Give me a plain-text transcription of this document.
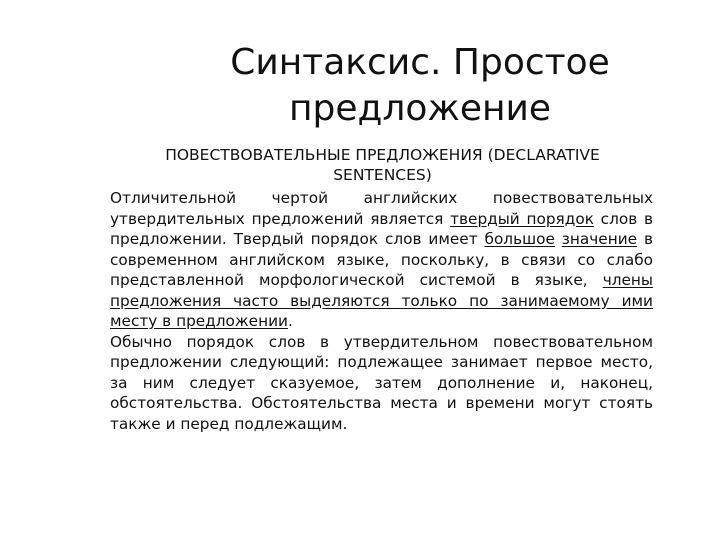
Синтаксис. Простое
предложение
ПОВЕСТВОВАТЕЛЬНЫЕ ПРЕДЛОЖЕНИЯ (DECLARATIVE
SENTENCES)

Отличительной чертой английских повествовательных утвердительных предложений является твердый порядок слов в предложении. Твердый порядок слов имеет большое значение в современном английском языке, поскольку, в связи со слабо представленной морфологической системой в языке, члены предложения часто выделяются только по занимаемому ими месту в предложении.

Обычно порядок слов в утвердительном повествовательном предложении следующий: подлежащее занимает первое место, за ним следует сказуемое, затем дополнение и, наконец, обстоятельства. Обстоятельства места и времени могут стоять также и перед подлежащим.
